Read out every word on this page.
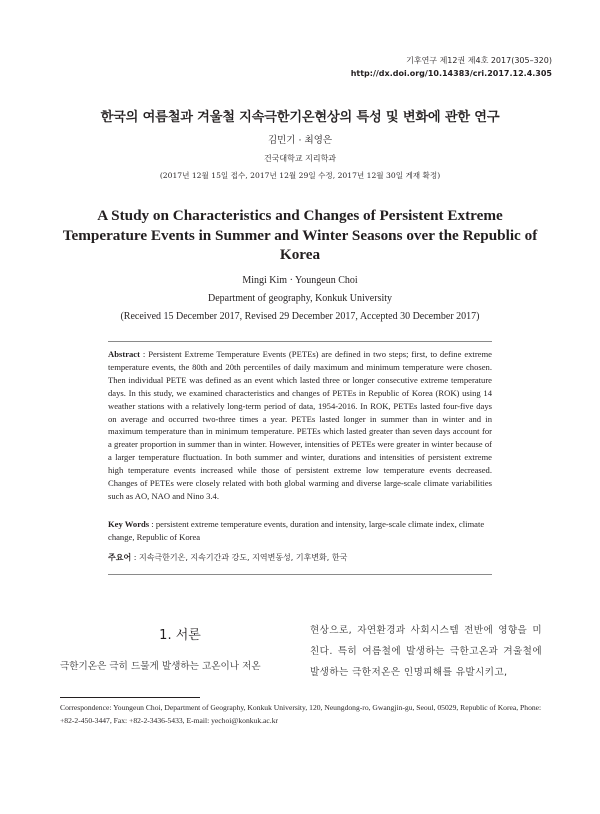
기후연구 제12권 제4호 2017(305–320)
http://dx.doi.org/10.14383/cri.2017.12.4.305
한국의 여름철과 겨울철 지속극한기온현상의 특성 및 변화에 관한 연구
김민기 · 최영은
건국대학교 지리학과
(2017년 12월 15일 접수, 2017년 12월 29일 수정, 2017년 12월 30일 게재 확정)
A Study on Characteristics and Changes of Persistent Extreme Temperature Events in Summer and Winter Seasons over the Republic of Korea
Mingi Kim · Youngeun Choi
Department of geography, Konkuk University
(Received 15 December 2017, Revised 29 December 2017, Accepted 30 December 2017)
Abstract : Persistent Extreme Temperature Events (PETEs) are defined in two steps; first, to define extreme temperature events, the 80th and 20th percentiles of daily maximum and minimum temperature were chosen. Then individual PETE was defined as an event which lasted three or longer consecutive extreme temperature days. In this study, we examined characteristics and changes of PETEs in Republic of Korea (ROK) using 14 weather stations with a relatively long-term period of data, 1954-2016. In ROK, PETEs lasted four-five days on average and occurred two-three times a year. PETEs lasted longer in summer than in winter and in maximum temperature than in minimum temperature. PETEs which lasted greater than seven days account for a greater proportion in summer than in winter. However, intensities of PETEs were greater in winter because of a larger temperature fluctuation. In both summer and winter, durations and intensities of persistent extreme high temperature events increased while those of persistent extreme low temperature events decreased. Changes of PETEs were closely related with both global warming and diverse large-scale climate variabilities such as AO, NAO and Nino 3.4.
Key Words : persistent extreme temperature events, duration and intensity, large-scale climate index, climate change, Republic of Korea
주요어 : 지속극한기온, 지속기간과 강도, 지역변동성, 기후변화, 한국
1. 서론
극한기온은 극히 드물게 발생하는 고온이나 저온
현상으로, 자연환경과 사회시스템 전반에 영향을 미친다. 특히 여름철에 발생하는 극한고온과 겨울철에 발생하는 극한저온은 인명피해를 유발시키고,
Correspondence: Youngeun Choi, Department of Geography, Konkuk University, 120, Neungdong-ro, Gwangjin-gu, Seoul, 05029, Republic of Korea, Phone: +82-2-450-3447, Fax: +82-2-3436-5433, E-mail: yechoi@konkuk.ac.kr
